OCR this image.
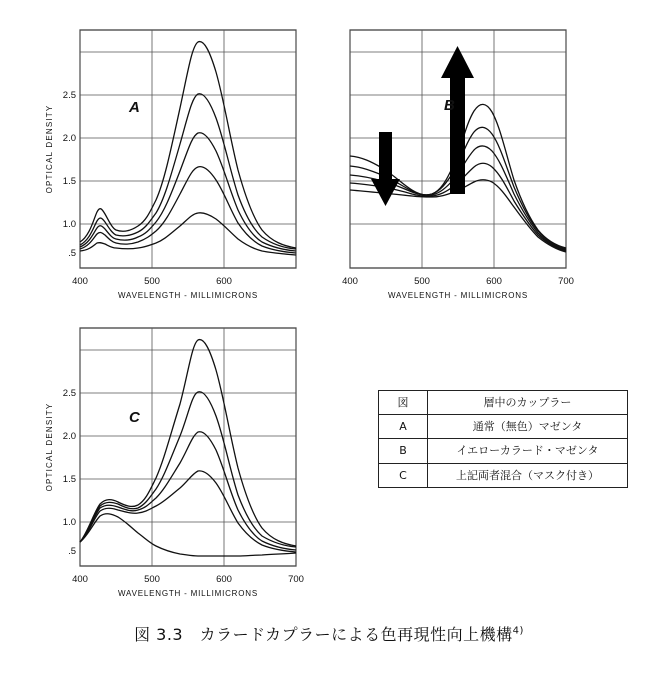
A
.5
1.0
1.5
2.0
2.5
400	500	600
WAVELENGTH - MILLIMICRONS
OPTICAL DENSITY	B
400	500	600	700
WAVELENGTH - MILLIMICRONS
C
.5
1.0
1.5
2.0
2.5
400	500	600	700
WAVELENGTH - MILLIMICRONS
OPTICAL DENSITY
図	層中のカップラー
A	通常（無色）マゼンタ
B	イエローカラード・マゼンタ
C	上記両者混合（マスク付き）
図 3.3　カラードカプラーによる色再現性向上機構$^{4)}$
